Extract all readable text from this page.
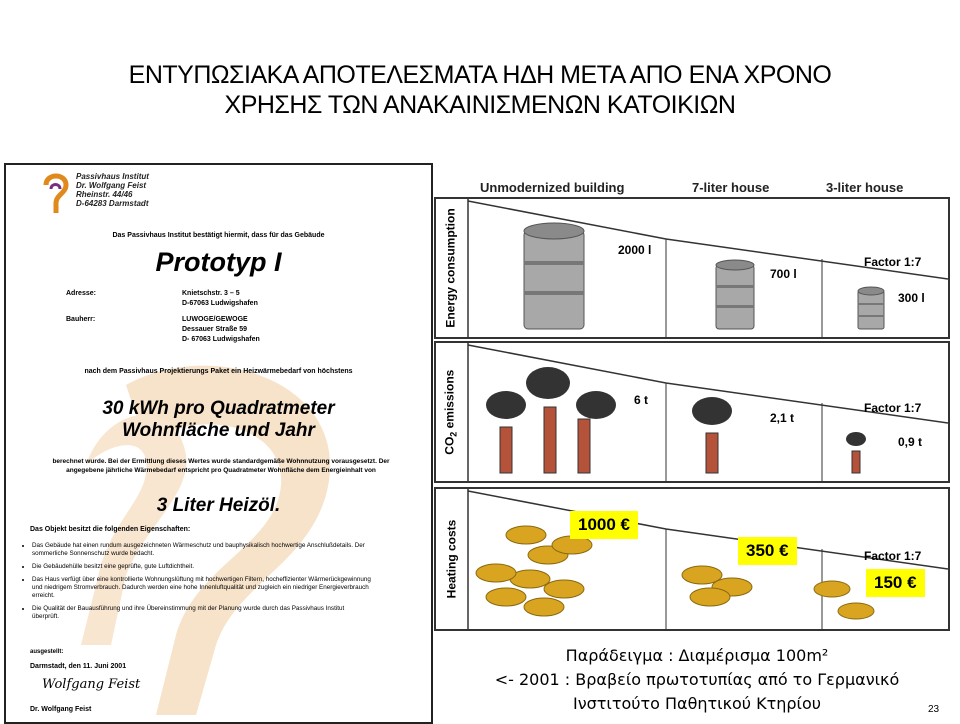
ΕΝΤΥΠΩΣΙΑΚΑ ΑΠΟΤΕΛΕΣΜΑΤΑ ΗΔΗ ΜΕΤΑ ΑΠΟ ΕΝΑ ΧΡΟΝΟ
ΧΡΗΣΗΣ ΤΩΝ ΑΝΑΚΑΙΝΙΣΜΕΝΩΝ ΚΑΤΟΙΚΙΩΝ
Passivhaus Institut
Dr. Wolfgang Feist
Rheinstr. 44/46
D-64283 Darmstadt
Das Passivhaus Institut bestätigt hiermit, dass für das Gebäude
Prototyp I
Adresse:	Knietschstr. 3 – 5
D-67063 Ludwigshafen
Bauherr:	LUWOGE/GEWOGE
Dessauer Straße 59
D- 67063 Ludwigshafen
nach dem Passivhaus Projektierungs Paket ein Heizwärmebedarf von höchstens
30 kWh pro Quadratmeter
Wohnfläche und Jahr
berechnet wurde. Bei der Ermittlung dieses Wertes wurde standardgemäße Wohnnutzung vorausgesetzt. Der angegebene jährliche Wärmebedarf entspricht pro Quadratmeter Wohnfläche dem Energieinhalt von
3 Liter Heizöl.
Das Objekt besitzt die folgenden Eigenschaften:
• Das Gebäude hat einen rundum ausgezeichneten Wärmeschutz und bauphysikalisch hochwertige Anschlußdetails. Der sommerliche Sonnenschutz wurde bedacht.
• Die Gebäudehülle besitzt eine geprüfte, gute Luftdichtheit.
• Das Haus verfügt über eine kontrollierte Wohnungslüftung mit hochwertigen Filtern, hocheffizienter Wärmerückgewinnung und niedrigem Stromverbrauch. Dadurch werden eine hohe Innenluftqualität und zugleich ein niedriger Energieverbrauch erreicht.
• Die Qualität der Bauausführung und ihre Übereinstimmung mit der Planung wurde durch das Passivhaus Institut überprüft.
ausgestellt:
Darmstadt, den 11. Juni 2001
Wolfgang Feist
Dr. Wolfgang Feist
Unmodernized building	7-liter house	3-liter house
Energy consumption	2000 l
700 l
Factor 1:7
300 l
$CO_2$ emissions	6 t
2,1 t
Factor 1:7
0,9 t
Heating costs	1000 €
350 €	Factor 1:7
150 €
Παράδειγμα : Διαμέρισμα 100m²
<- 2001 : Βραβείο πρωτοτυπίας από το Γερμανικό
Ινστιτούτο Παθητικού Κτηρίου	23
